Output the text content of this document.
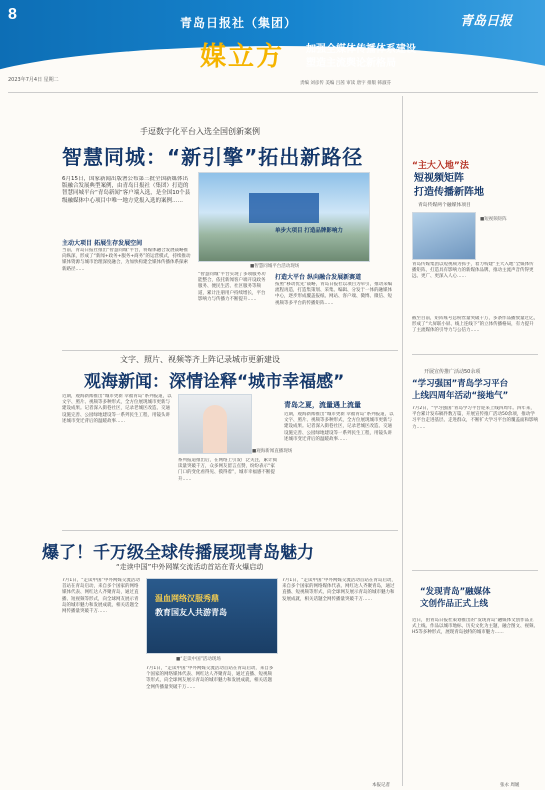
8	青岛日报社（集团）	青岛日报
媒立方 加强全媒体传播体系建设
塑造主流舆论新格局
2023年7月4日 星期二
责编 刘彦传 美编 吕茜 审读 唐宇 排版 韩淑芬
手逗数字化平台入选全国创新案例
智慧同城：“新引擎”拓出新路径
6月15日，国家新闻出版署公布第三批全国新媒体出版融合发展典型案例，由青岛日报社（集团）打造的智慧同城平台“青岛新闻”客户端入选，是全国10个县级融媒体中心项目中唯一地方党报入选的案例……
■智慧同城平台活动现场
主动大项目 拓展生存发展空间
当前，青岛日报社推出“智慧同城”平台，将媒体融合发展战略推向纵深，形成了“新闻+政务+服务+商务”的运营模式，持续推动媒体资源与城市治理深度融合，为加快构建全媒体传播体系探索新路径……
“智慧同城”平台实现了多项服务功能整合，依托新闻客户端开设政务服务、便民生活、社区服务等频道，累计注册用户持续增长，平台影响力与传播力不断提升……
打造大平台 纵向融合发展新赛道
单步大项目 打造品牌影响力
按照“移动优先”战略，青岛日报社以项目为牵引，推动采编流程再造，打造集策划、采集、编辑、分发于一体的融媒体中心，逐步形成覆盖报纸、网站、客户端、微博、微信、短视频等多平台的传播矩阵……
“主大入地”法
短视频矩阵
打造传播新阵地
青岛传媒两个融媒体项目
■短视频矩阵
青岛传媒集团以短视频为抓手，着力构建“主大入地”全媒体传播矩阵，打造具有影响力的新媒体品牌，推动主流声音传得更远、更广、更深入人心……
截至目前，矩阵账号总粉丝量突破千万，多条作品播放量过亿，形成了“大屏联小屏、线上连线下”的立体传播格局，有力提升了主流媒体的引导力与公信力……
文字、照片、视频等齐上阵记录城市更新建设
观海新闻：深情诠释“城市幸福感”
近期，观海新闻推出“城市更新 幸福青岛”系列报道，以文字、照片、视频等多种形式，全方位展现城市更新与建设成果。记者深入街巷社区，记录老城区改造、交通设施完善、公园绿地建设等一系列民生工程，用镜头讲述城市变迁背后的温暖故事……
■观海新闻直播现场
青岛之夏，流量遇上流量
系列报道推出后，在网络上引发广泛关注，累计阅读量突破千万，众多网友留言点赞，纷纷表示“家门口的变化看得见、摸得着”，城市幸福感不断提升……
近期，观海新闻推出“城市更新 幸福青岛”系列报道，以文字、照片、视频等多种形式，全方位展现城市更新与建设成果。记者深入街巷社区，记录老城区改造、交通设施完善、公园绿地建设等一系列民生工程，用镜头讲述城市变迁背后的温暖故事……
爆了！千万级全球传播展现青岛魅力
“走读中国”中外网媒交流活动首站在青火爆启动
温血网络汉服秀鼎
教育国友人共游青岛
■“走读中国”活动现场
7月1日，“走读中国”中外网媒交流活动首站在青岛启动，来自多个国家的网络媒体代表、网红达人齐聚青岛，通过直播、短视频等形式，向全球网友展示青岛的城市魅力和发展成就，相关话题全网传播量突破千万……
7月1日，“走读中国”中外网媒交流活动首站在青岛启动，来自多个国家的网络媒体代表、网红达人齐聚青岛，通过直播、短视频等形式，向全球网友展示青岛的城市魅力和发展成就，相关话题全网传播量突破千万……
7月1日，“走读中国”中外网媒交流活动首站在青岛启动，来自多个国家的网络媒体代表、网红达人齐聚青岛，通过直播、短视频等形式，向全球网友展示青岛的城市魅力和发展成就，相关话题全网传播量突破千万……
本报记者
开展宣传推广活动50余项
“学习强国”青岛学习平台
上线四周年活动“接地气”
7月2日，“学习强国”青岛学习平台迎来上线四周年。四年来，平台累计发布稿件数万篇，开展宣传推广活动50余项，推动学习平台走进基层、走进群众，不断扩大学习平台的覆盖面和影响力……
“发现青岛”融媒体
文创作品正式上线
近日，由青岛日报社策划推出的“发现青岛”融媒体文创作品正式上线。作品以城市地标、历史文化为主题，融合图文、视频、H5等多种形式，展现青岛独特的城市魅力……
张永 周媛
